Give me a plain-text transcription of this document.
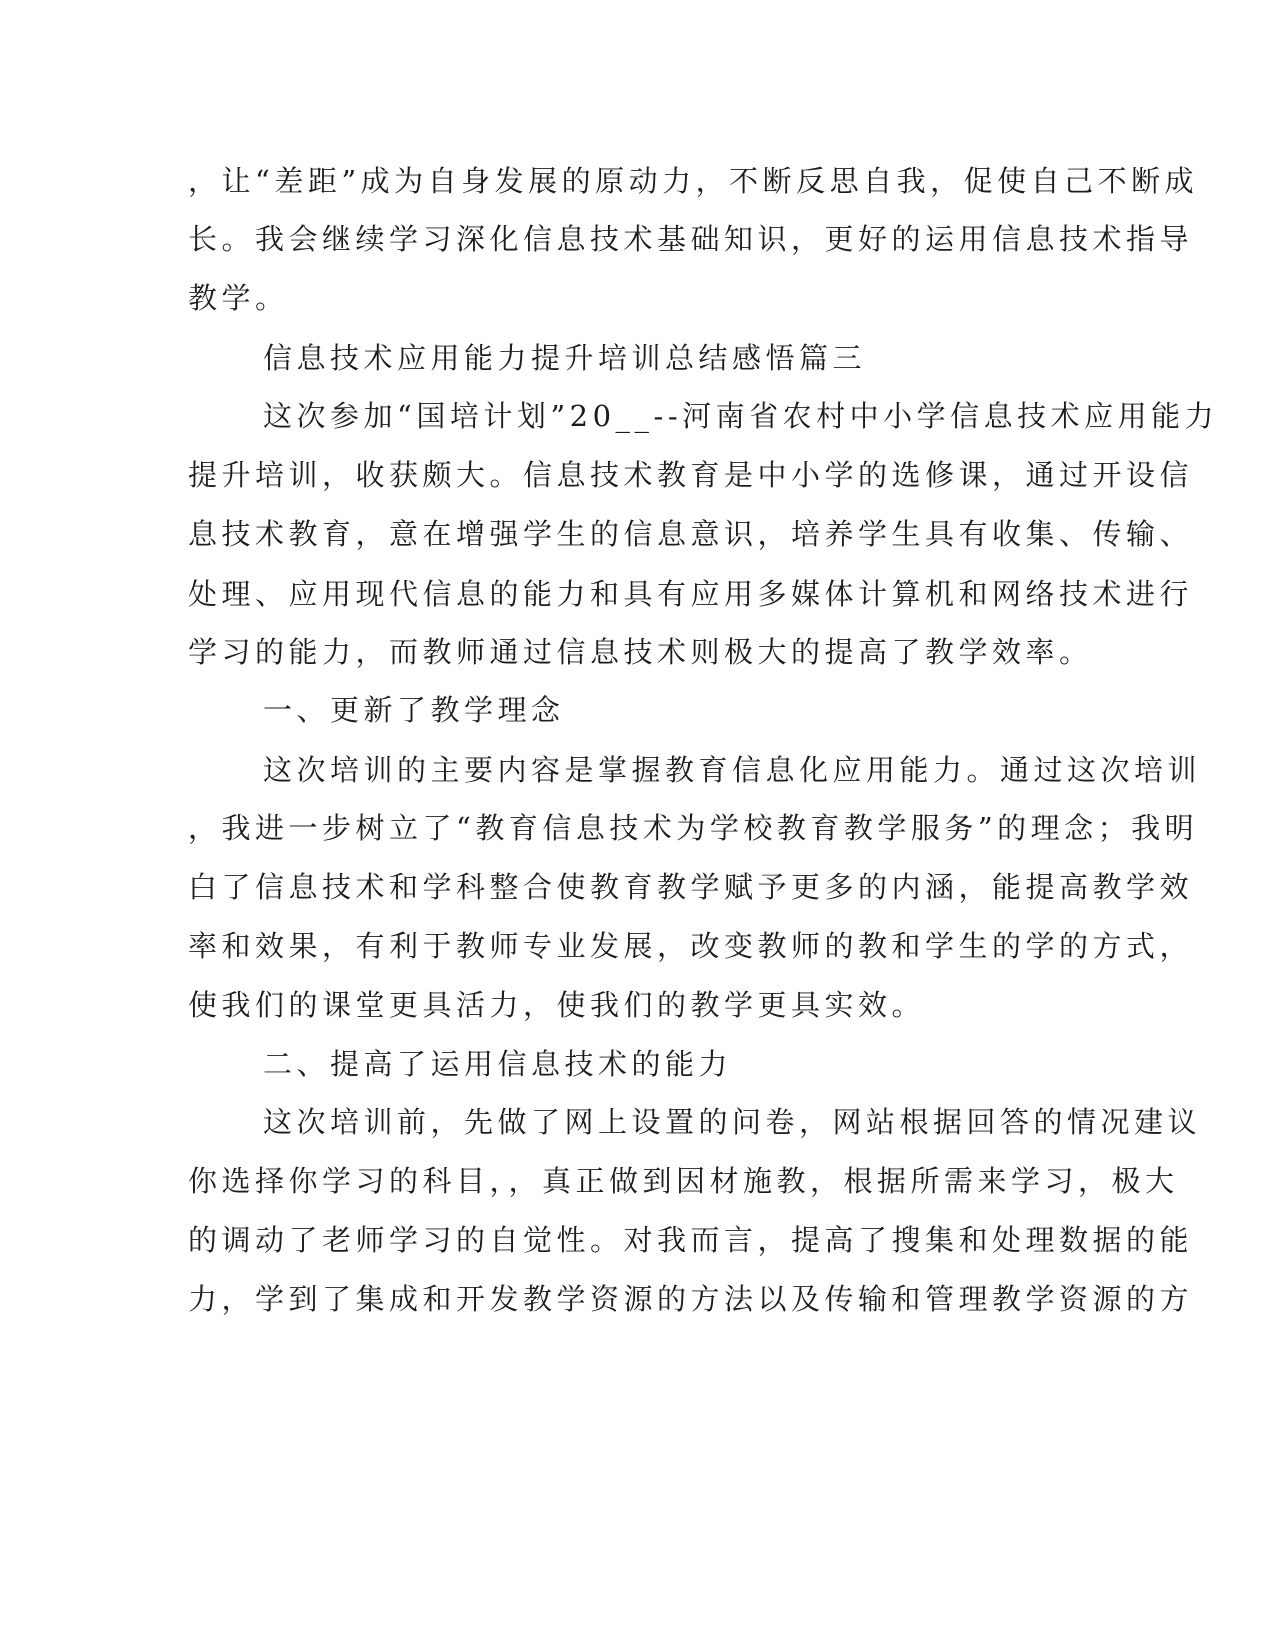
，让“差距”成为自身发展的原动力，不断反思自我，促使自己不断成

长。我会继续学习深化信息技术基础知识，更好的运用信息技术指导

教学。

信息技术应用能力提升培训总结感悟篇三

这次参加“国培计划”20__--河南省农村中小学信息技术应用能力

提升培训，收获颇大。信息技术教育是中小学的选修课，通过开设信

息技术教育，意在增强学生的信息意识，培养学生具有收集、传输、

处理、应用现代信息的能力和具有应用多媒体计算机和网络技术进行

学习的能力，而教师通过信息技术则极大的提高了教学效率。

一、更新了教学理念

这次培训的主要内容是掌握教育信息化应用能力。通过这次培训

，我进一步树立了“教育信息技术为学校教育教学服务”的理念；我明

白了信息技术和学科整合使教育教学赋予更多的内涵，能提高教学效

率和效果，有利于教师专业发展，改变教师的教和学生的学的方式，

使我们的课堂更具活力，使我们的教学更具实效。

二、提高了运用信息技术的能力

这次培训前，先做了网上设置的问卷，网站根据回答的情况建议

你选择你学习的科目，，真正做到因材施教，根据所需来学习，极大

的调动了老师学习的自觉性。对我而言，提高了搜集和处理数据的能

力，学到了集成和开发教学资源的方法以及传输和管理教学资源的方
